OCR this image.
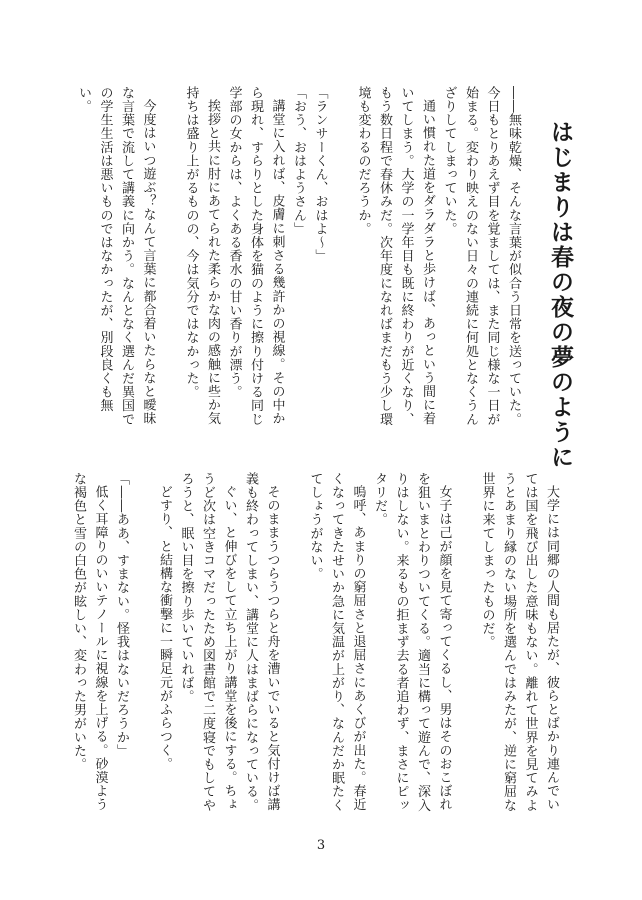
はじまりは春の夜の夢のように

――無味乾燥、そんな言葉が似合う日常を送っていた。今日もとりあえず目を覚ましては、また同じ様な一日が始まる。変わり映えのない日々の連続に何処となくうんざりしてしまっていた。

通い慣れた道をダラダラと歩けば、あっという間に着いてしまう。大学の一学年目も既に終わりが近くなり、もう数日程で春休みだ。次年度になればまだもう少し環境も変わるのだろうか。

「ランサーくん、おはよ～」

「おう、おはようさん」

講堂に入れば、皮膚に刺さる幾許かの視線。その中から現れ、すらりとした身体を猫のように擦り付ける同じ学部の女からは、よくある香水の甘い香りが漂う。

挨拶と共に肘にあてられた柔らかな肉の感触に些か気持ちは盛り上がるものの、今は気分ではなかった。

今度はいつ遊ぶ？なんて言葉に都合着いたらなと曖昧な言葉で流して講義に向かう。なんとなく選んだ異国での学生生活は悪いものではなかったが、別段良くも無い。

大学には同郷の人間も居たが、彼らとばかり連んでいては国を飛び出した意味もない。離れて世界を見てみようとあまり縁のない場所を選んではみたが、逆に窮屈な世界に来てしまったものだ。

女子は己が顔を見て寄ってくるし、男はそのおこぼれを狙いまとわりついてくる。適当に構って遊んで、深入りはしない。来るもの拒まず去る者追わず、まさにピッタリだ。

嗚呼、あまりの窮屈さと退屈さにあくびが出た。春近くなってきたせいか急に気温が上がり、なんだか眠たくてしょうがない。

そのままうつらうつらと舟を漕いでいると気付けば講義も終わってしまい、講堂に人はまばらになっている。

ぐい、と伸びをして立ち上がり講堂を後にする。ちょうど次は空きコマだったため図書館で二度寝でもしてやろうと、眠い目を擦り歩いていれば。

どすり、と結構な衝撃に一瞬足元がふらつく。

「――ああ、すまない。怪我はないだろうか」

低く耳障りのいいテノールに視線を上げる。砂漠ような褐色と雪の白色が眩しい、変わった男がいた。

3
